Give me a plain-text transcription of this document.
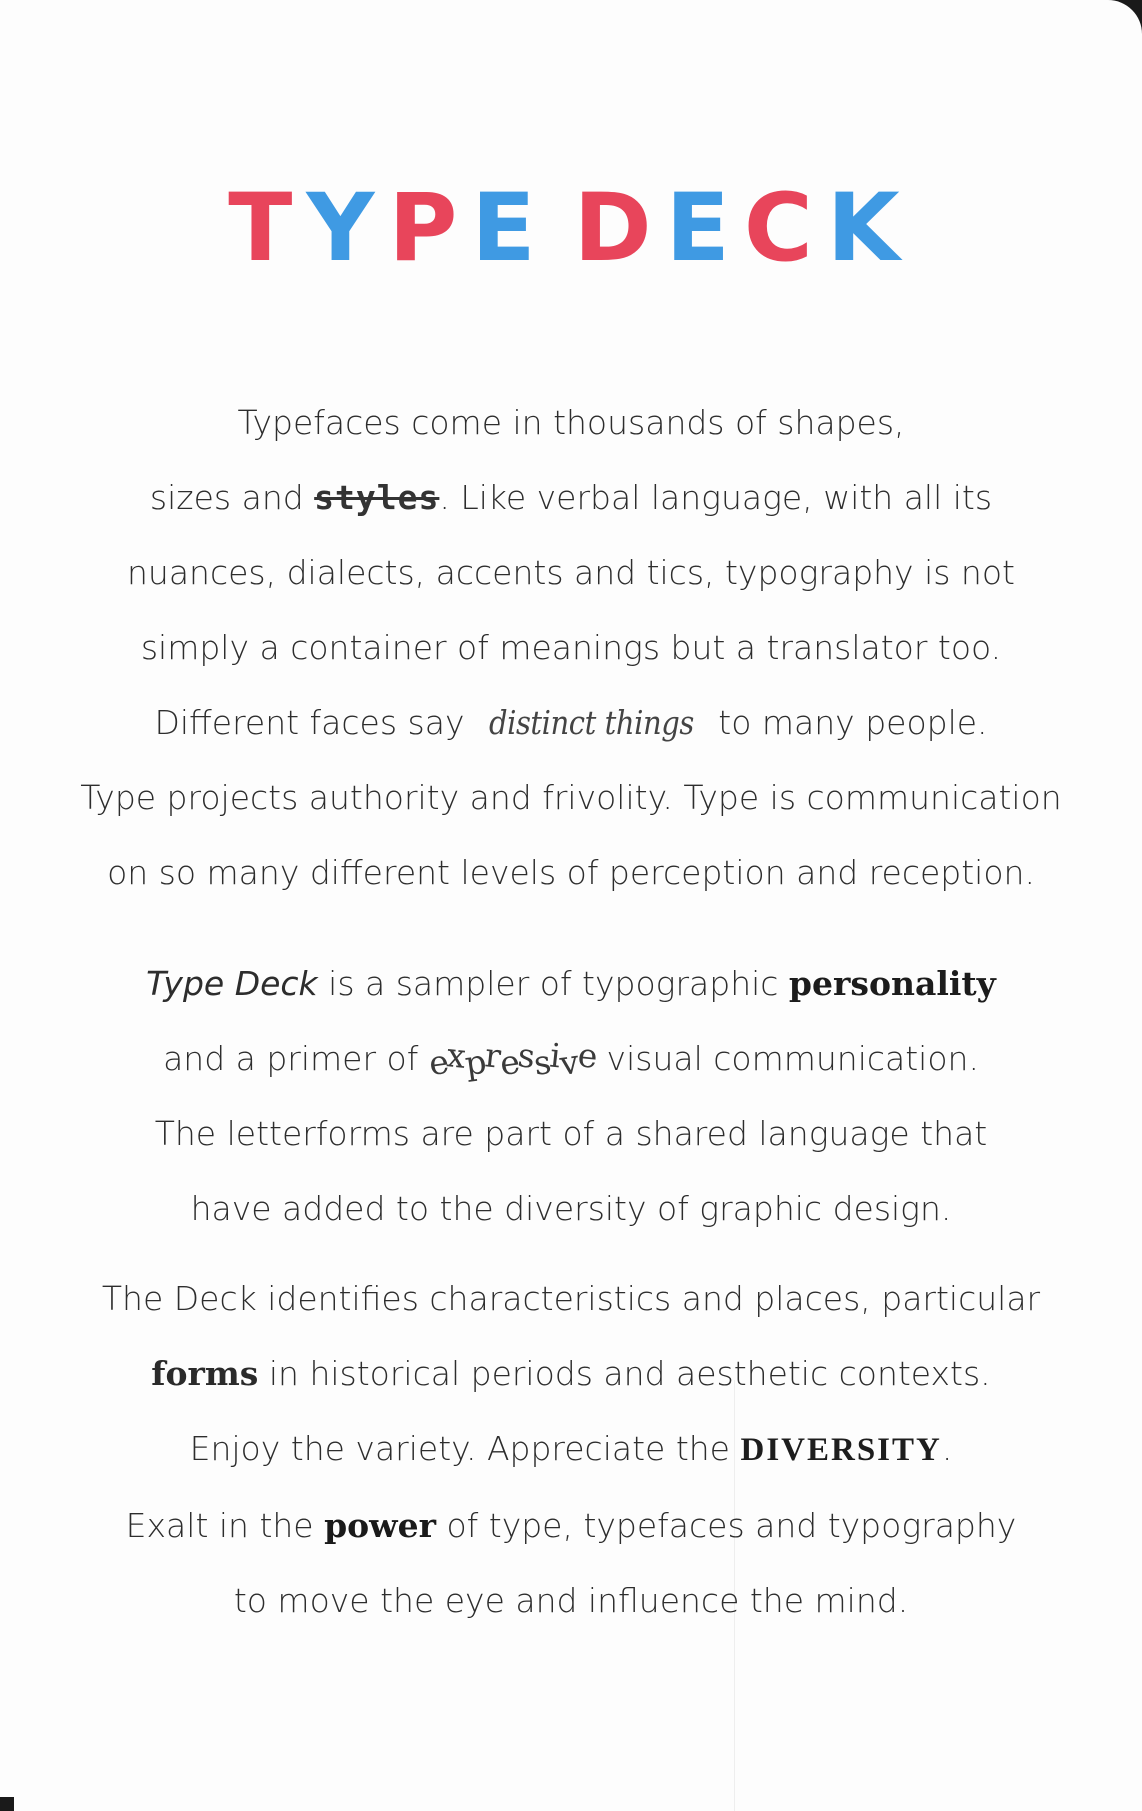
TYPE DECK
Typefaces come in thousands of shapes,
sizes and styles. Like verbal language, with all its
nuances, dialects, accents and tics, typography is not
simply a container of meanings but a translator too.
Different faces say distinct things to many people.
Type projects authority and frivolity. Type is communication
on so many different levels of perception and reception.
Type Deck is a sampler of typographic personality
and a primer of expressive visual communication.
The letterforms are part of a shared language that
have added to the diversity of graphic design.
The Deck identifies characteristics and places, particular
forms in historical periods and aesthetic contexts.
Enjoy the variety. Appreciate the DIVERSITY.
Exalt in the power of type, typefaces and typography
to move the eye and influence the mind.
